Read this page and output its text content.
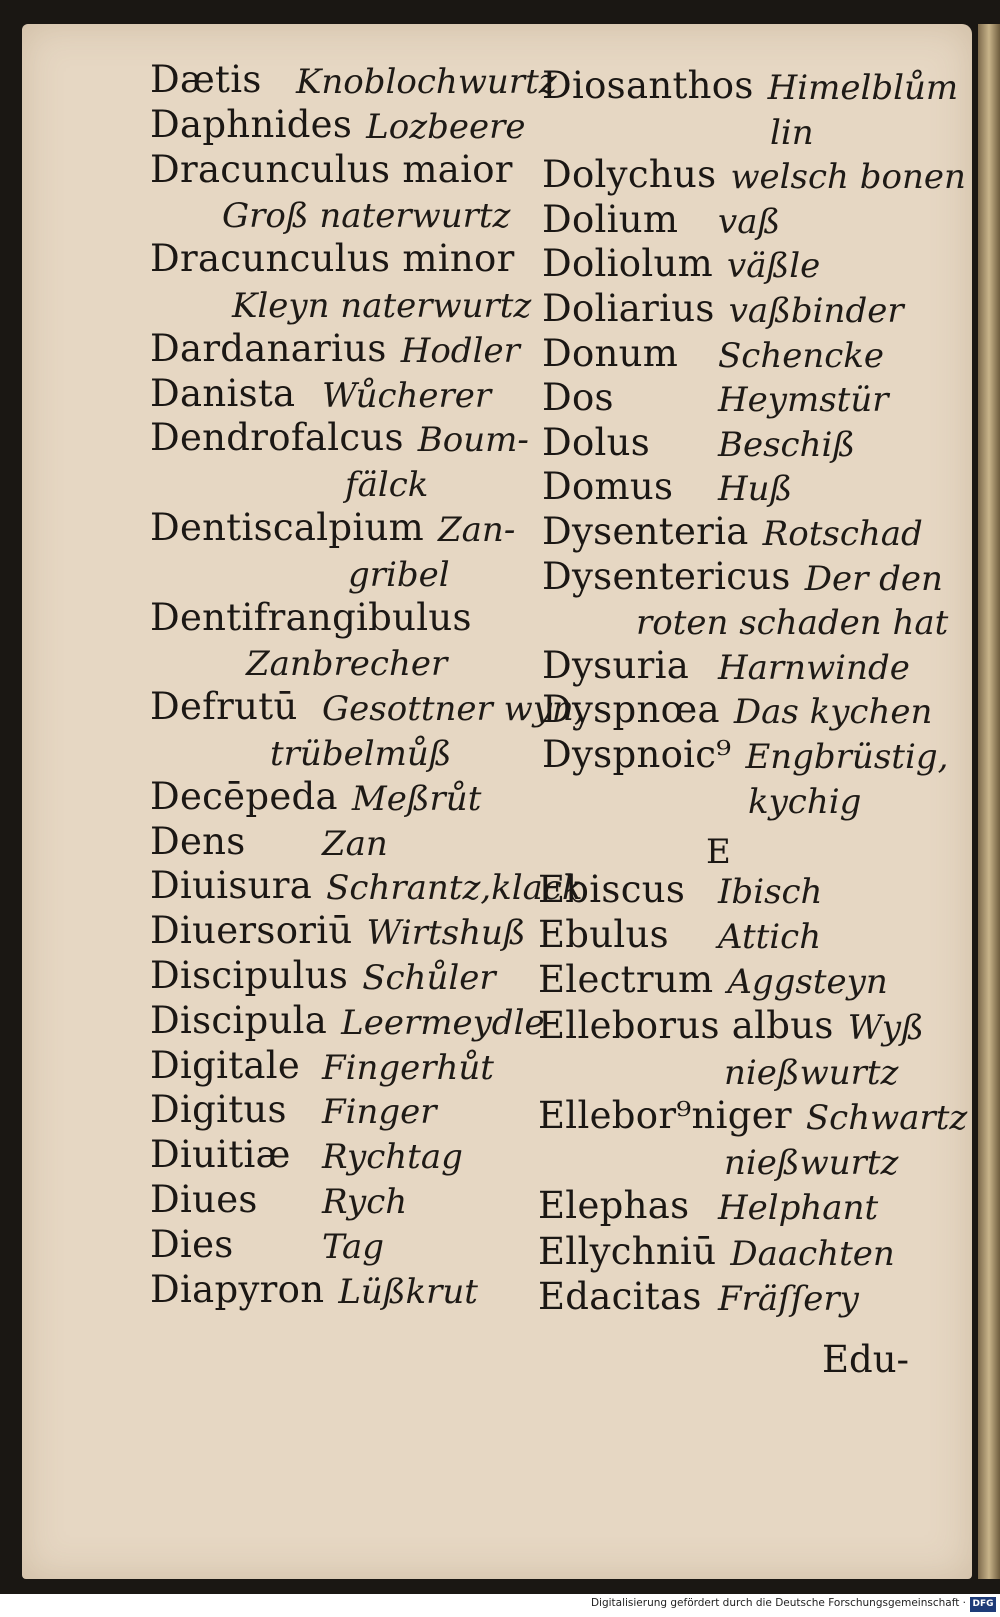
E
Edu-
Digitalisierung gefördert durch die Deutsche Forschungsgemeinschaft · DFG
Dætis Knoblochwurtz
Daphnides Lozbeere
Dracunculus maior
Groß naterwurtz
Dracunculus minor
Kleyn naterwurtz
Dardanarius Hodler
Danista Wůcherer
Dendrofalcus Boum-
fälck
Dentiscalpium Zan-
gribel
Dentifrangibulus
Zanbrecher
Defrutū Gesottner wyn,
trübelmůß
Decēpeda Meßrůt
Dens Zan
Diuisura Schrantz,klack
Diuersoriū Wirtshuß
Discipulus Schůler
Discipula Leermeydle
Digitale Fingerhůt
Digitus Finger
Diuitiæ Rychtag
Diues Rych
Dies	Tag
Diapyron Lüßkrut
Diosanthos Himelblům
lin
Dolychus welsch bonen
Dolium vaß
Doliolum väßle
Doliarius vaßbinder
Donum Schencke
Dos	Heymstür
Dolus Beschiß
Domus Huß
Dysenteria Rotschad
Dysentericus Der den
roten schaden hat
Dysuria Harnwinde
Dyspnœa Das kychen
Dyspnoic⁹ Engbrüstig,
kychig
Ebiscus Ibisch
Ebulus Attich
Electrum Aggsteyn
Elleborus albus Wyß
nießwurtz
Ellebor⁹niger Schwartz
nießwurtz
Elephas Helphant
Ellychniū Daachten
Edacitas Fräſſery
